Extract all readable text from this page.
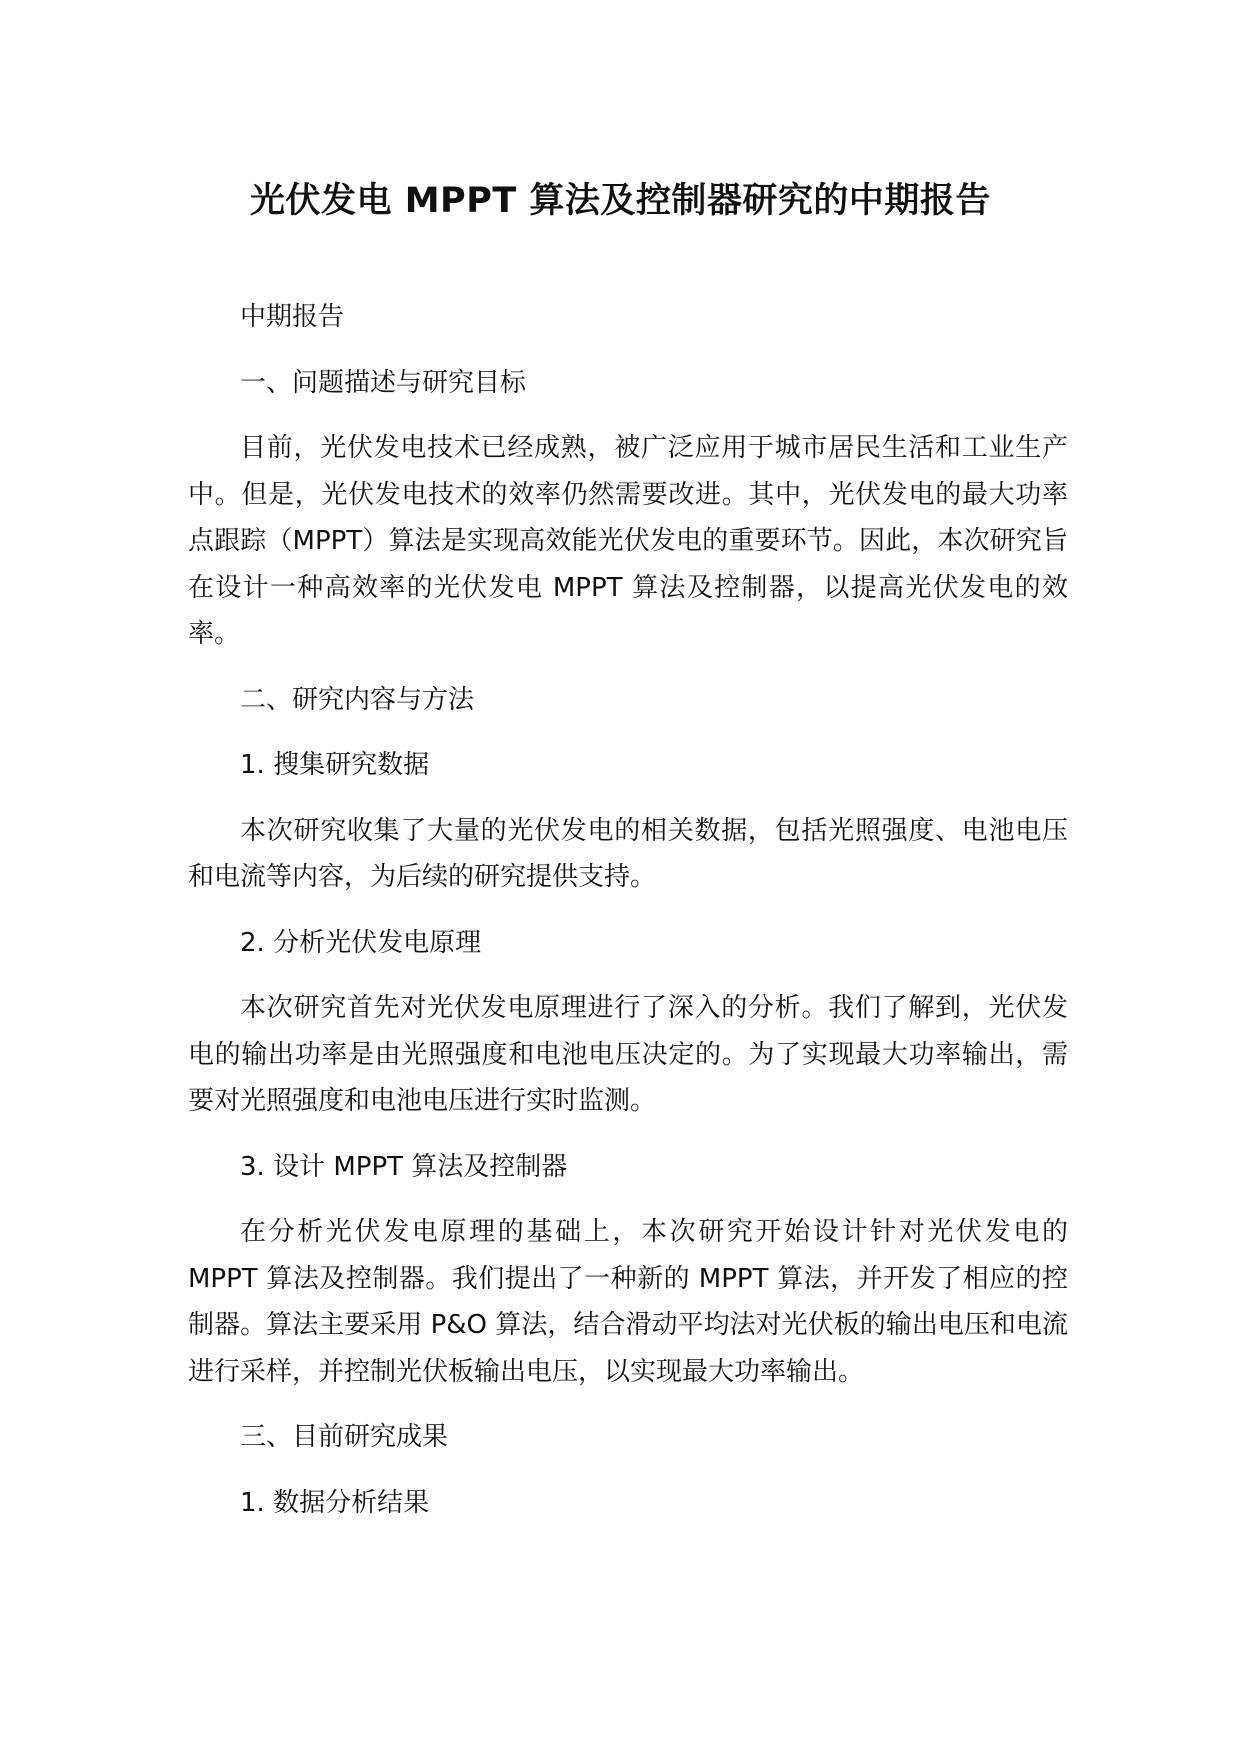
光伏发电 MPPT 算法及控制器研究的中期报告

中期报告

一、问题描述与研究目标

目前，光伏发电技术已经成熟，被广泛应用于城市居民生活和工业生产中。但是，光伏发电技术的效率仍然需要改进。其中，光伏发电的最大功率点跟踪（MPPT）算法是实现高效能光伏发电的重要环节。因此，本次研究旨在设计一种高效率的光伏发电 MPPT 算法及控制器，以提高光伏发电的效率。

二、研究内容与方法

1. 搜集研究数据

本次研究收集了大量的光伏发电的相关数据，包括光照强度、电池电压和电流等内容，为后续的研究提供支持。

2. 分析光伏发电原理

本次研究首先对光伏发电原理进行了深入的分析。我们了解到，光伏发电的输出功率是由光照强度和电池电压决定的。为了实现最大功率输出，需要对光照强度和电池电压进行实时监测。

3. 设计 MPPT 算法及控制器

在分析光伏发电原理的基础上，本次研究开始设计针对光伏发电的 MPPT 算法及控制器。我们提出了一种新的 MPPT 算法，并开发了相应的控制器。算法主要采用 P&O 算法，结合滑动平均法对光伏板的输出电压和电流进行采样，并控制光伏板输出电压，以实现最大功率输出。

三、目前研究成果

1. 数据分析结果
